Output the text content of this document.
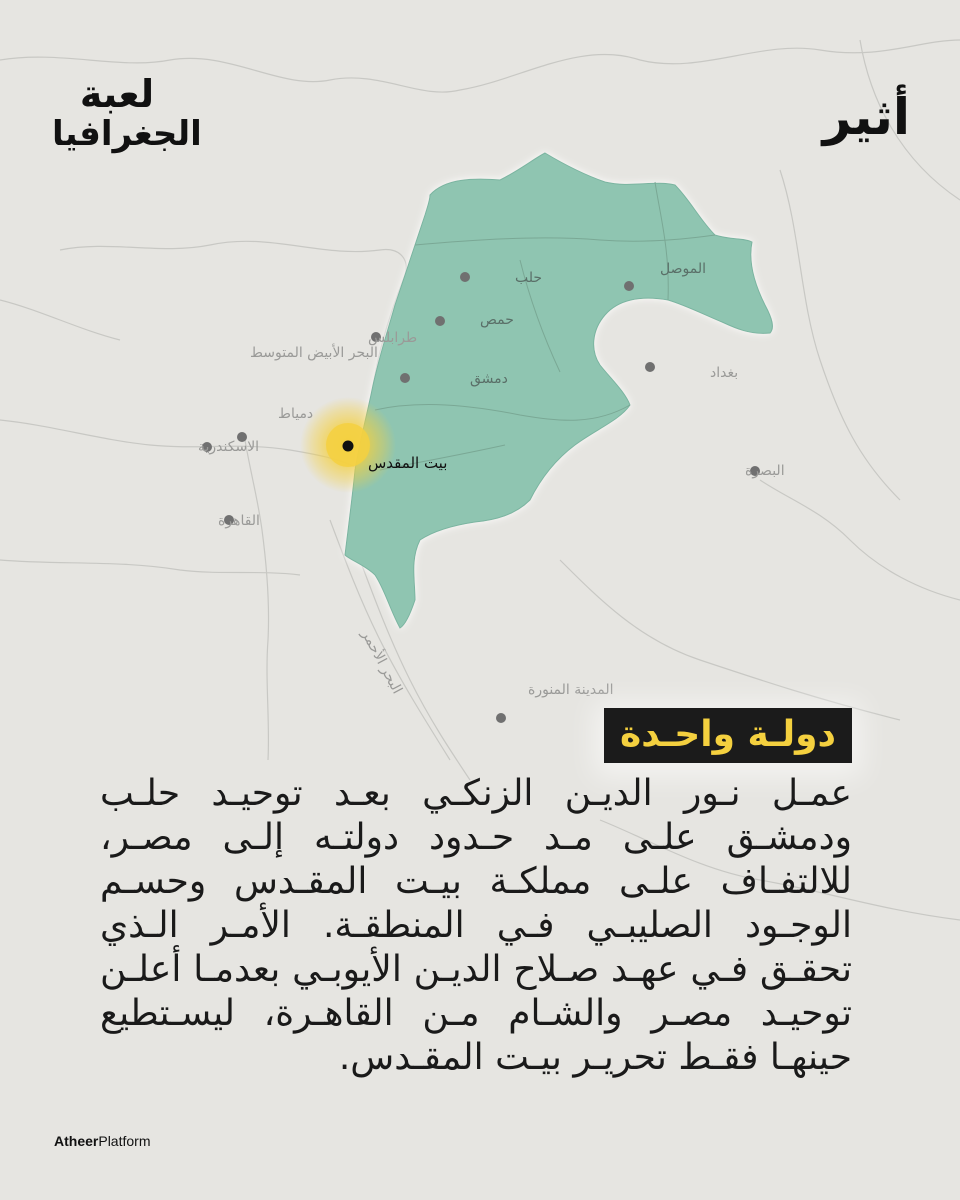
البحر الأبيض المتوسط
البحر الأحمر
حلب
الموصل
حمص
طرابلس
دمشق	بغداد
دمياط
الاسكندرية
بيت المقدس	البصرة
القاهرة
المدينة المنورة
لعبة
الجغرافيا	أثير
دولـة واحـدة
عمـل نـور الديـن الزنكـي بعـد توحيـد حلـب ودمشـق علـى مـد حـدود دولتـه إلـى مصـر، للالتفـاف علـى مملكـة بيـت المقـدس وحسـم الوجـود الصليبـي فـي المنطقـة. الأمـر الـذي تحقـق فـي عهـد صـلاح الديـن الأيوبـي بعدمـا أعلـن توحيـد مصـر والشـام مـن القاهـرة، ليسـتطيع حينهـا فقـط تحريـر بيـت المقـدس.
AtheerPlatform
